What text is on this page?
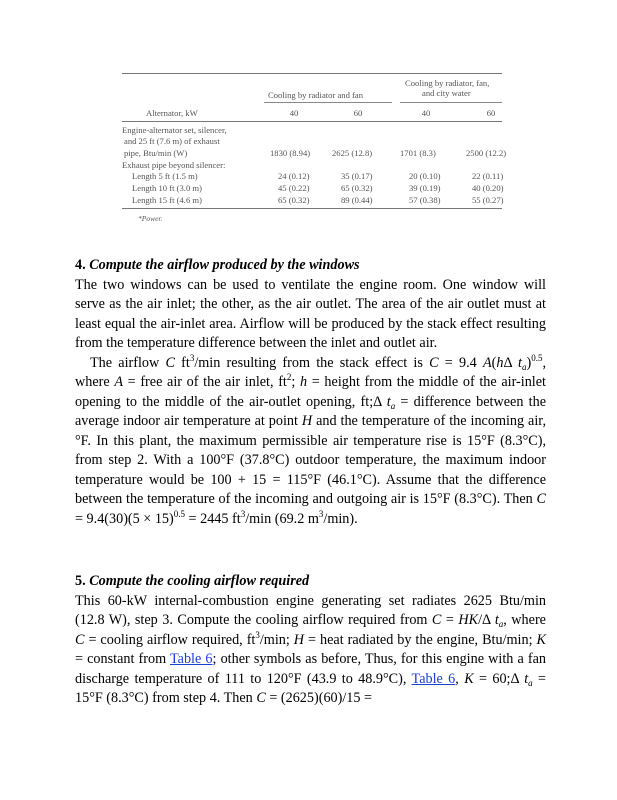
Cooling by radiator, fan,
and city water
Cooling by radiator and fan
Alternator, kW	40	60	40	60
Engine-alternator set, silencer,
and 25 ft (7.6 m) of exhaust
pipe, Btu/min (W)	1830 (8.94)	2625 (12.8)	1701 (8.3)	2500 (12.2)
Exhaust pipe beyond silencer:
Length 5 ft (1.5 m)	24 (0.12)	35 (0.17)	20 (0.10)	22 (0.11)
Length 10 ft (3.0 m)	45 (0.22)	65 (0.32)	39 (0.19)	40 (0.20)
Length 15 ft (4.6 m)	65 (0.32)	89 (0.44)	57 (0.38)	55 (0.27)
*Power.

4. Compute the airflow produced by the windows

The two windows can be used to ventilate the engine room. One window will serve as the air inlet; the other, as the air outlet. The area of the air outlet must at least equal the air-inlet area. Airflow will be produced by the stack effect resulting from the temperature difference between the inlet and outlet air.

The airflow C $ft^3/\min$ resulting from the stack effect is C = 9.4 A(hΔ $t_a)^{0.5}$, where A = free air of the air inlet, $ft^2$; h = height from the middle of the air-inlet opening to the middle of the air-outlet opening, ft;Δ $t_a$ = difference between the average indoor air temperature at point H and the temperature of the incoming air,°F. In this plant, the maximum permissible air temperature rise is 15°F (8.3°C), from step 2. With a 100°F (37.8°C) outdoor temperature, the maximum indoor temperature would be 100 + 15 = 115°F (46.1°C). Assume that the difference between the temperature of the incoming and outgoing air is 15°F (8.3°C). Then $C = 9.4(30)(5 \times 15)^{0.5} = 2445$ $ft^3/\min$ (69.2 $m^3/\min$).

5. Compute the cooling airflow required

This 60-kW internal-combustion engine generating set radiates 2625 Btu/min (12.8 W), step 3. Compute the cooling airflow required from C = HK/Δ $t_a$, where C = cooling airflow required, $ft^3/\min$; H = heat radiated by the engine, Btu/min; K = constant from Table 6; other symbols as before, Thus, for this engine with a fan discharge temperature of 111 to 120°F (43.9 to 48.9°C), Table 6, K = 60;Δ $t_a = 15^\circ F$ (8.3°C) from step 4. Then C = (2625)(60)/15 =
